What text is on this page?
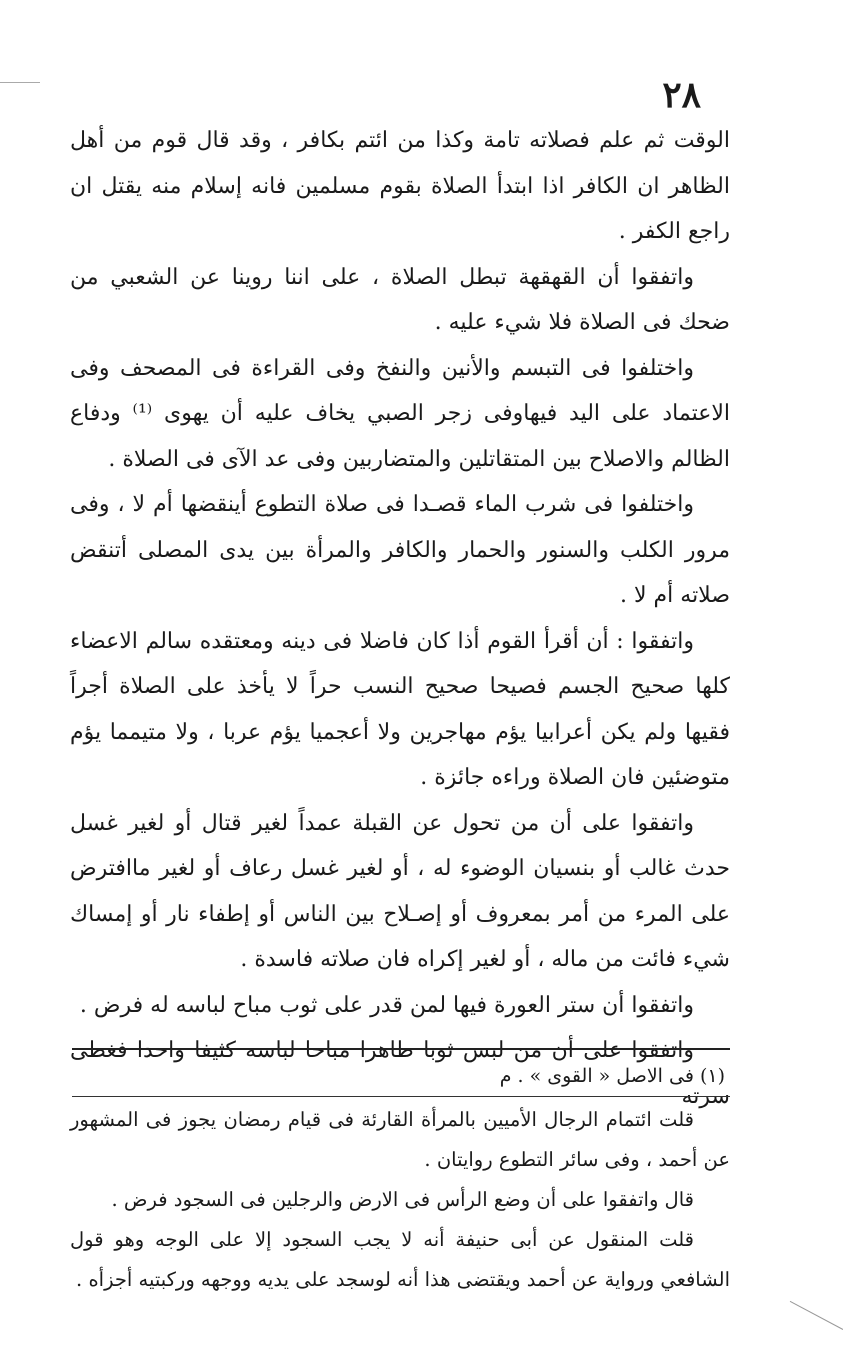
٢٨

الوقت ثم علم فصلاته تامة وكذا من ائتم بكافر ، وقد قال قوم من أهل الظاهر ان الكافر اذا ابتدأ الصلاة بقوم مسلمين فانه إسلام منه يقتل ان راجع الكفر .

واتفقوا أن القهقهة تبطل الصلاة ، على اننا روينا عن الشعبي من ضحك فى الصلاة فلا شيء عليه .

واختلفوا فى التبسم والأنين والنفخ وفى القراءة فى المصحف وفى الاعتماد على اليد فيهاوفى زجر الصبي يخاف عليه أن يهوى ⁽¹⁾ ودفاع الظالم والاصلاح بين المتقاتلين والمتضاربين وفى عد الآى فى الصلاة .

واختلفوا فى شرب الماء قصـدا فى صلاة التطوع أينقضها أم لا ، وفى مرور الكلب والسنور والحمار والكافر والمرأة بين يدى المصلى أتنقض صلاته أم لا .

واتفقوا : أن أقرأ القوم أذا كان فاضلا فى دينه ومعتقده سالم الاعضاء كلها صحيح الجسم فصيحا صحيح النسب حراً لا يأخذ على الصلاة أجراً فقيها ولم يكن أعرابيا يؤم مهاجرين ولا أعجميا يؤم عربا ، ولا متيمما يؤم متوضئين فان الصلاة وراءه جائزة .

واتفقوا على أن من تحول عن القبلة عمداً لغير قتال أو لغير غسل حدث غالب أو بنسيان الوضوء له ، أو لغير غسل رعاف أو لغير ماافترض على المرء من أمر بمعروف أو إصـلاح بين الناس أو إطفاء نار أو إمساك شيء فائت من ماله ، أو لغير إكراه فان صلاته فاسدة .

واتفقوا أن ستر العورة فيها لمن قدر على ثوب مباح لباسه له فرض .

واتفقوا على أن من لبس ثوبا طاهرا مباحا لباسه كثيفا واحدا فغطى سرته

(١) فى الاصل « القوى » . م

قلت ائتمام الرجال الأميين بالمرأة القارئة فى قيام رمضان يجوز فى المشهور عن أحمد ، وفى سائر التطوع روايتان .

قال واتفقوا على أن وضع الرأس فى الارض والرجلين فى السجود فرض .

قلت المنقول عن أبى حنيفة أنه لا يجب السجود إلا على الوجه وهو قول الشافعي ورواية عن أحمد ويقتضى هذا أنه لوسجد على يديه ووجهه وركبتيه أجزأه .
